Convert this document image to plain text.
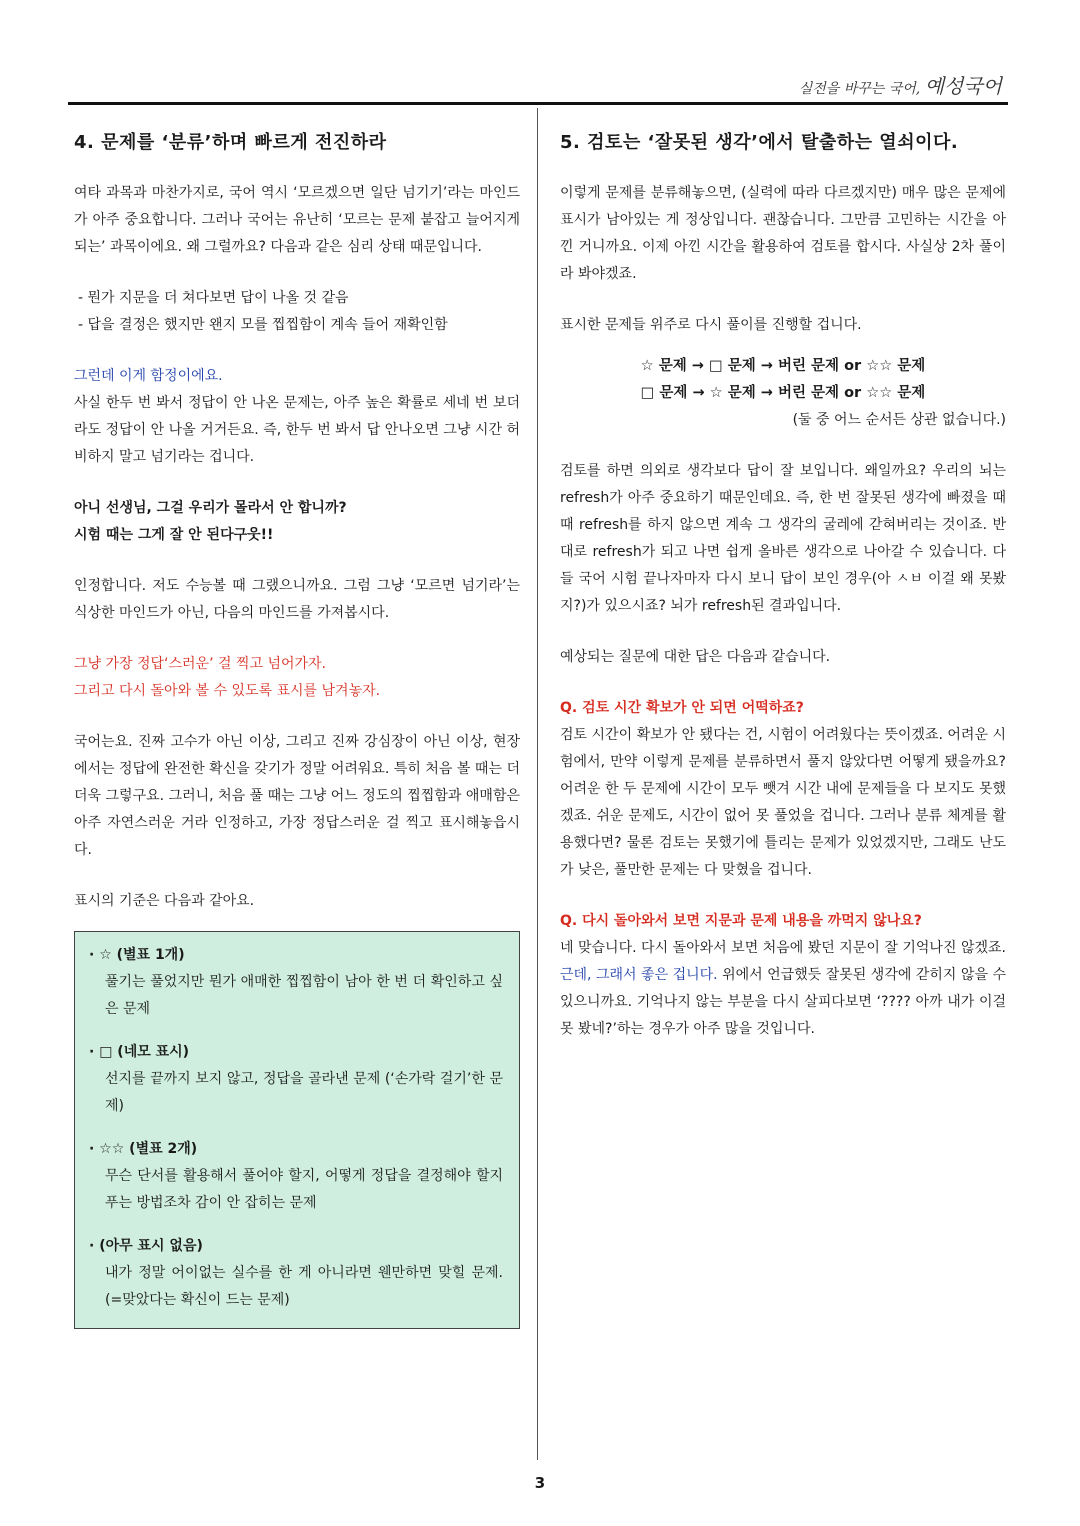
실전을 바꾸는 국어, 예성국어
4. 문제를 ‘분류’하며 빠르게 전진하라

여타 과목과 마찬가지로, 국어 역시 ‘모르겠으면 일단 넘기기’라는 마인드가 아주 중요합니다. 그러나 국어는 유난히 ‘모르는 문제 붙잡고 늘어지게 되는’ 과목이에요. 왜 그럴까요? 다음과 같은 심리 상태 때문입니다.

- 뭔가 지문을 더 쳐다보면 답이 나올 것 같음
- 답을 결정은 했지만 왠지 모를 찝찝함이 계속 들어 재확인함

그런데 이게 함정이에요.

사실 한두 번 봐서 정답이 안 나온 문제는, 아주 높은 확률로 세네 번 보더라도 정답이 안 나올 거거든요. 즉, 한두 번 봐서 답 안나오면 그냥 시간 허비하지 말고 넘기라는 겁니다.

아니 선생님, 그걸 우리가 몰라서 안 합니까?

시험 때는 그게 잘 안 된다구웃!!

인정합니다. 저도 수능볼 때 그랬으니까요. 그럼 그냥 ‘모르면 넘기라’는 식상한 마인드가 아닌, 다음의 마인드를 가져봅시다.

그냥 가장 정답‘스러운’ 걸 찍고 넘어가자.

그리고 다시 돌아와 볼 수 있도록 표시를 남겨놓자.

국어는요. 진짜 고수가 아닌 이상, 그리고 진짜 강심장이 아닌 이상, 현장에서는 정답에 완전한 확신을 갖기가 정말 어려워요. 특히 처음 볼 때는 더더욱 그렇구요. 그러니, 처음 풀 때는 그냥 어느 정도의 찝찝함과 애매함은 아주 자연스러운 거라 인정하고, 가장 정답스러운 걸 찍고 표시해놓읍시다.

표시의 기준은 다음과 같아요.

· ☆ (별표 1개)
풀기는 풀었지만 뭔가 애매한 찝찝함이 남아 한 번 더 확인하고 싶은 문제
· □ (네모 표시)
선지를 끝까지 보지 않고, 정답을 골라낸 문제 (‘손가락 걸기’한 문제)
· ☆☆ (별표 2개)
무슨 단서를 활용해서 풀어야 할지, 어떻게 정답을 결정해야 할지 푸는 방법조차 감이 안 잡히는 문제
· (아무 표시 없음)
내가 정말 어이없는 실수를 한 게 아니라면 웬만하면 맞힐 문제. (=맞았다는 확신이 드는 문제)
5. 검토는 ‘잘못된 생각’에서 탈출하는 열쇠이다.

이렇게 문제를 분류해놓으면, (실력에 따라 다르겠지만) 매우 많은 문제에 표시가 남아있는 게 정상입니다. 괜찮습니다. 그만큼 고민하는 시간을 아낀 거니까요. 이제 아낀 시간을 활용하여 검토를 합시다. 사실상 2차 풀이라 봐야겠죠.

표시한 문제들 위주로 다시 풀이를 진행할 겁니다.

☆ 문제 → □ 문제 → 버린 문제 or ☆☆ 문제
□ 문제 → ☆ 문제 → 버린 문제 or ☆☆ 문제
(둘 중 어느 순서든 상관 없습니다.)

검토를 하면 의외로 생각보다 답이 잘 보입니다. 왜일까요? 우리의 뇌는 refresh가 아주 중요하기 때문인데요. 즉, 한 번 잘못된 생각에 빠졌을 때 때 refresh를 하지 않으면 계속 그 생각의 굴레에 갇혀버리는 것이죠. 반대로 refresh가 되고 나면 쉽게 올바른 생각으로 나아갈 수 있습니다. 다들 국어 시험 끝나자마자 다시 보니 답이 보인 경우(아 ㅅㅂ 이걸 왜 못봤지?)가 있으시죠? 뇌가 refresh된 결과입니다.

예상되는 질문에 대한 답은 다음과 같습니다.

Q. 검토 시간 확보가 안 되면 어떡하죠?

검토 시간이 확보가 안 됐다는 건, 시험이 어려웠다는 뜻이겠죠. 어려운 시험에서, 만약 이렇게 문제를 분류하면서 풀지 않았다면 어떻게 됐을까요? 어려운 한 두 문제에 시간이 모두 뺏겨 시간 내에 문제들을 다 보지도 못했겠죠. 쉬운 문제도, 시간이 없어 못 풀었을 겁니다. 그러나 분류 체계를 활용했다면? 물론 검토는 못했기에 틀리는 문제가 있었겠지만, 그래도 난도가 낮은, 풀만한 문제는 다 맞혔을 겁니다.

Q. 다시 돌아와서 보면 지문과 문제 내용을 까먹지 않나요?

네 맞습니다. 다시 돌아와서 보면 처음에 봤던 지문이 잘 기억나진 않겠죠. 근데, 그래서 좋은 겁니다. 위에서 언급했듯 잘못된 생각에 갇히지 않을 수 있으니까요. 기억나지 않는 부분을 다시 살피다보면 ‘???? 아까 내가 이걸 못 봤네?’하는 경우가 아주 많을 것입니다.

3
